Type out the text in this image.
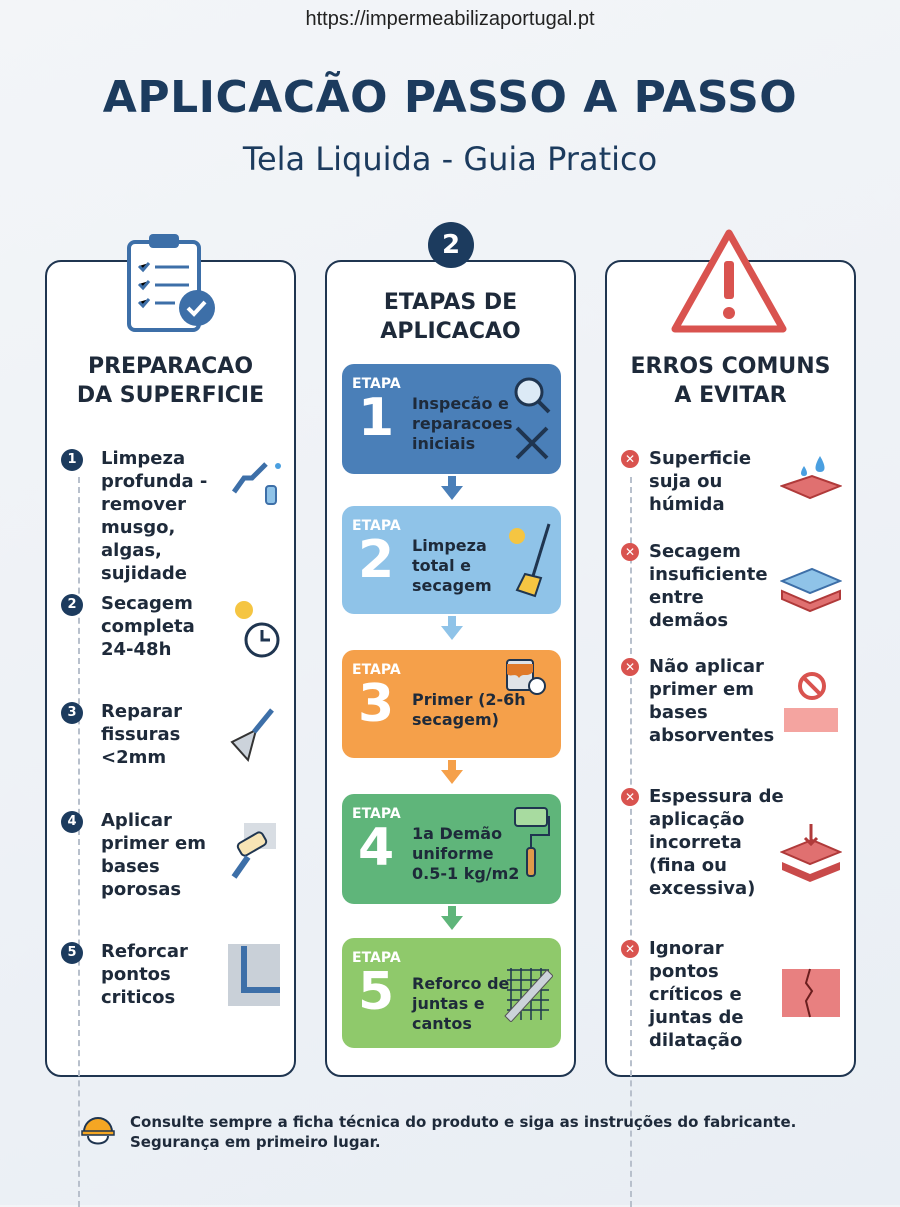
https://impermeabilizaportugal.pt
APLICACÃO PASSO A PASSO
Tela Liquida - Guia Pratico
PREPARACAO
DA SUPERFICIE
1	Limpeza profunda - remover musgo, algas, sujidade
2	Secagem completa 24-48h
3	Reparar fissuras <2mm
4	Aplicar primer em bases porosas
5	Reforcar pontos criticos
2
ETAPAS DE
APLICACAO
ETAPA
1 Inspecão e reparacoes iniciais
ETAPA
2 Limpeza total e secagem
ETAPA
3 Primer (2-6h secagem)
ETAPA
4 1a Demão uniforme 0.5-1 kg/m2
ETAPA
5 Reforco de juntas e cantos
ERROS COMUNS
A EVITAR
✕ Superficie suja ou húmida
✕ Secagem insuficiente entre demãos
✕ Não aplicar primer em bases absorventes
✕ Espessura de aplicação incorreta (fina ou excessiva)
✕ Ignorar pontos críticos e juntas de dilatação
Consulte sempre a ficha técnica do produto e siga as instruções do fabricante.
Segurança em primeiro lugar.
